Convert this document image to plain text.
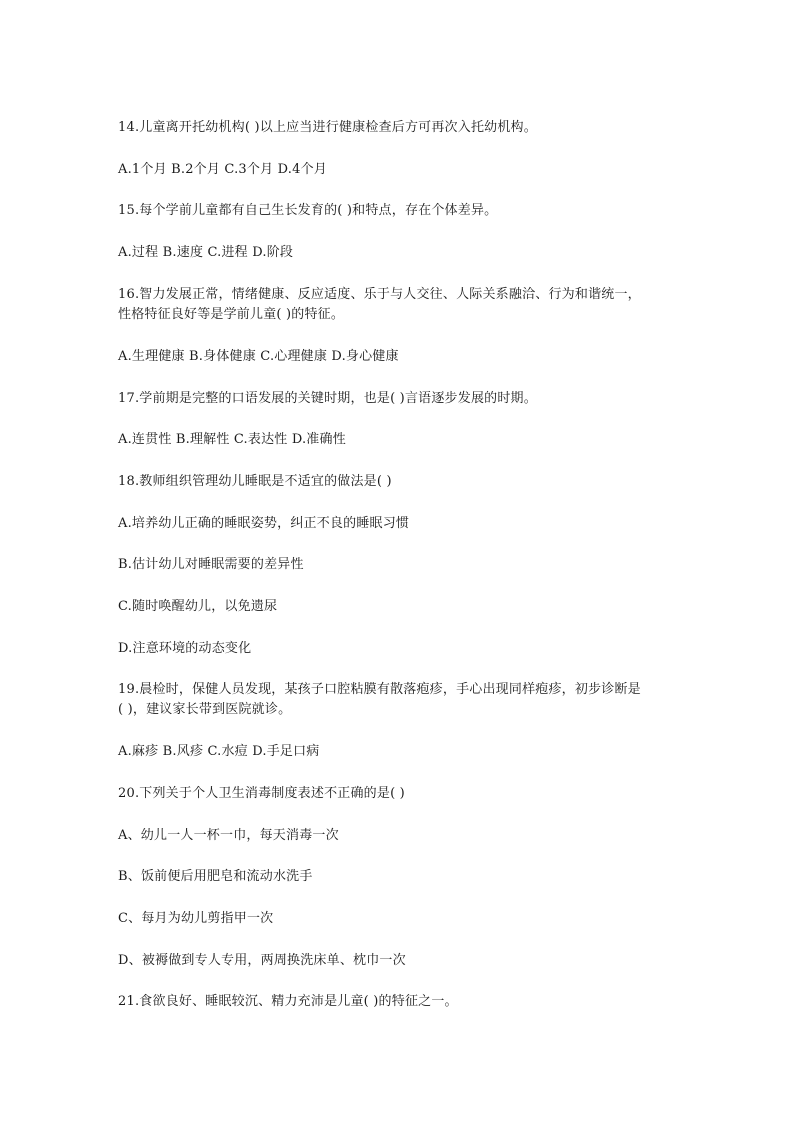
14.儿童离开托幼机构( )以上应当进行健康检查后方可再次入托幼机构。
A.1个月 B.2个月 C.3个月 D.4个月
15.每个学前儿童都有自己生长发育的( )和特点，存在个体差异。
A.过程 B.速度 C.进程 D.阶段
16.智力发展正常，情绪健康、反应适度、乐于与人交往、人际关系融洽、行为和谐统一，
性格特征良好等是学前儿童( )的特征。
A.生理健康 B.身体健康 C.心理健康 D.身心健康
17.学前期是完整的口语发展的关键时期，也是( )言语逐步发展的时期。
A.连贯性 B.理解性 C.表达性 D.准确性
18.教师组织管理幼儿睡眠是不适宜的做法是( )
A.培养幼儿正确的睡眠姿势，纠正不良的睡眠习惯
B.估计幼儿对睡眠需要的差异性
C.随时唤醒幼儿，以免遗尿
D.注意环境的动态变化
19.晨检时，保健人员发现，某孩子口腔粘膜有散落疱疹，手心出现同样疱疹，初步诊断是
( )，建议家长带到医院就诊。
A.麻疹 B.风疹 C.水痘 D.手足口病
20.下列关于个人卫生消毒制度表述不正确的是( )
A、幼儿一人一杯一巾，每天消毒一次
B、饭前便后用肥皂和流动水洗手
C、每月为幼儿剪指甲一次
D、被褥做到专人专用，两周换洗床单、枕巾一次
21.食欲良好、睡眠较沉、精力充沛是儿童( )的特征之一。
